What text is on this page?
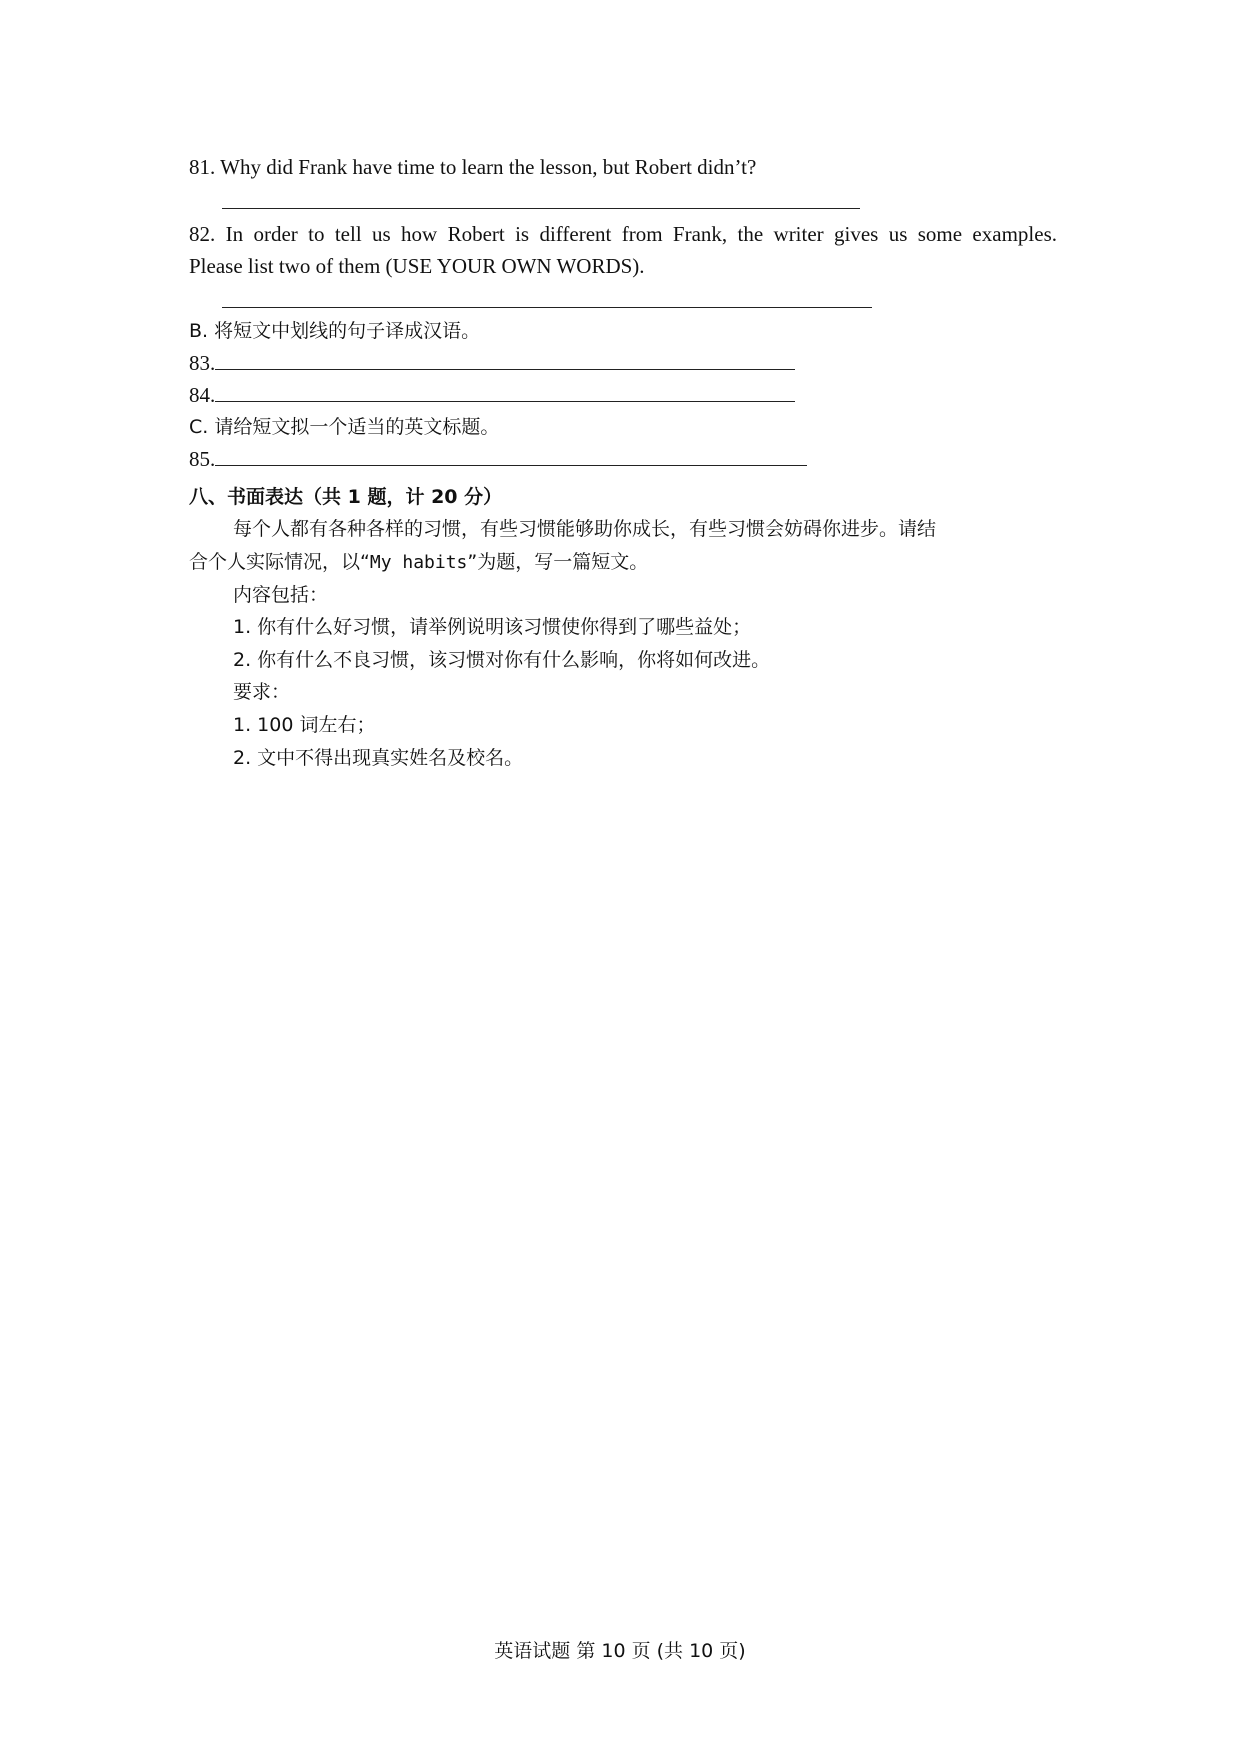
81. Why did Frank have time to learn the lesson, but Robert didn’t?
82. In order to tell us how Robert is different from Frank, the writer gives us some examples.
Please list two of them (USE YOUR OWN WORDS).
B. 将短文中划线的句子译成汉语。
83.
84.
C. 请给短文拟一个适当的英文标题。
85.
八、书面表达（共 1 题，计 20 分）
每个人都有各种各样的习惯，有些习惯能够助你成长，有些习惯会妨碍你进步。请结
合个人实际情况，以“My habits”为题，写一篇短文。
内容包括：
1. 你有什么好习惯，请举例说明该习惯使你得到了哪些益处；
2. 你有什么不良习惯，该习惯对你有什么影响，你将如何改进。
要求：
1. 100 词左右；
2. 文中不得出现真实姓名及校名。
英语试题 第 10 页 (共 10 页)
